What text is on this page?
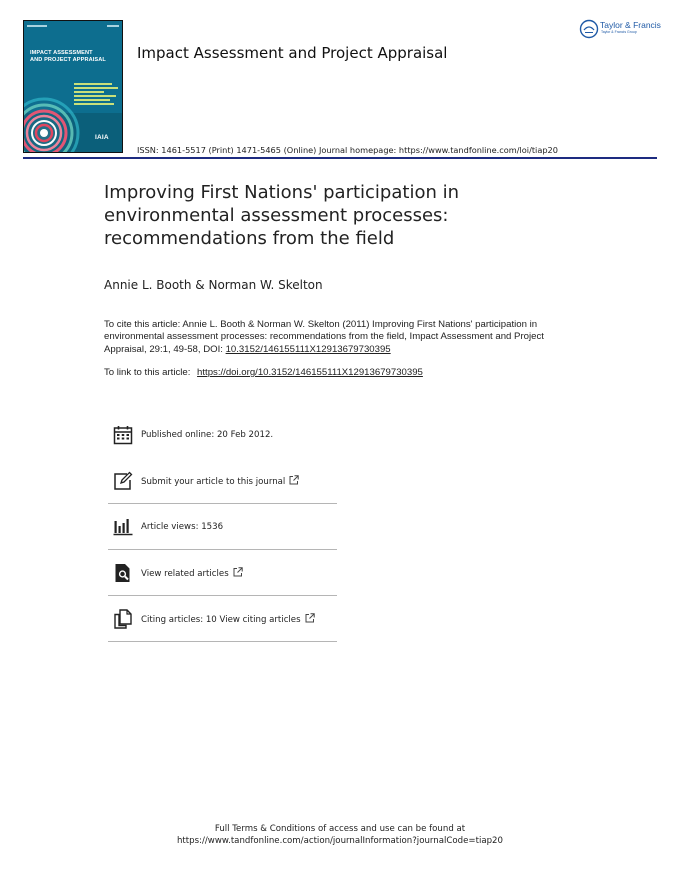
IMPACT ASSESSMENT
AND PROJECT APPRAISAL
IAIA
Impact Assessment and Project Appraisal
Taylor & Francis
Taylor & Francis Group
ISSN: 1461-5517 (Print) 1471-5465 (Online) Journal homepage: https://www.tandfonline.com/loi/tiap20
Improving First Nations' participation in
environmental assessment processes:
recommendations from the field
Annie L. Booth & Norman W. Skelton
To cite this article: Annie L. Booth & Norman W. Skelton (2011) Improving First Nations' participation in environmental assessment processes: recommendations from the field, Impact Assessment and Project Appraisal, 29:1, 49-58, DOI: 10.3152/146155111X12913679730395
To link to this article: https://doi.org/10.3152/146155111X12913679730395
Published online: 20 Feb 2012.
Submit your article to this journal
Article views: 1536
View related articles
Citing articles: 10 View citing articles
Full Terms & Conditions of access and use can be found at
https://www.tandfonline.com/action/journalInformation?journalCode=tiap20
